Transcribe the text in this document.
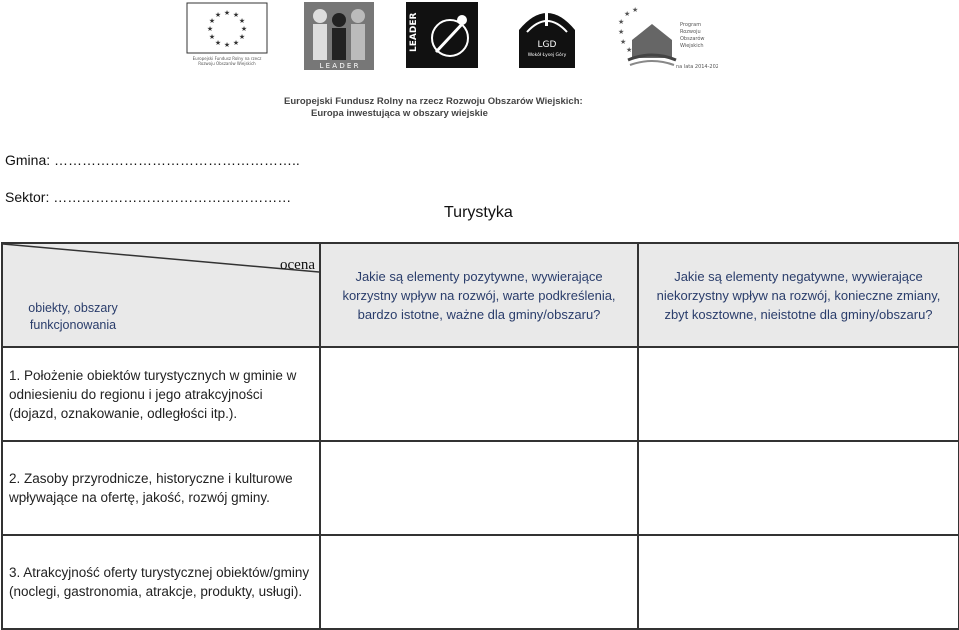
★ ★
★
★
★
★
★
★
★
★
★
★
Europejski Fundusz Rolny na rzecz
Rozwoju Obszarów Wiejskich	L E A D E R
LEADER	LGD
Wokół Łysej Góry
★
★ ★
★
★
★
Program
Rozwoju
Obszarów
Wiejskich
na lata 2014-2020
Europejski Fundusz Rolny na rzecz Rozwoju Obszarów Wiejskich:
Europa inwestująca w obszary wiejskie
Gmina: ……………………………………………..
Sektor: ……………………………………………
Turystyka
ocena
obiekty, obszary funkcjonowania	Jakie są elementy pozytywne, wywierające korzystny wpływ na rozwój, warte podkreślenia, bardzo istotne, ważne dla gminy/obszaru?	Jakie są elementy negatywne, wywierające niekorzystny wpływ na rozwój, konieczne zmiany, zbyt kosztowne, nieistotne dla gminy/obszaru?
1. Położenie obiektów turystycznych w gminie w odniesieniu do regionu i jego atrakcyjności (dojazd, oznakowanie, odległości itp.).		
2. Zasoby przyrodnicze, historyczne i kulturowe wpływające na ofertę, jakość, rozwój gminy.		
3. Atrakcyjność oferty turystycznej obiektów/gminy (noclegi, gastronomia, atrakcje, produkty, usługi).		
